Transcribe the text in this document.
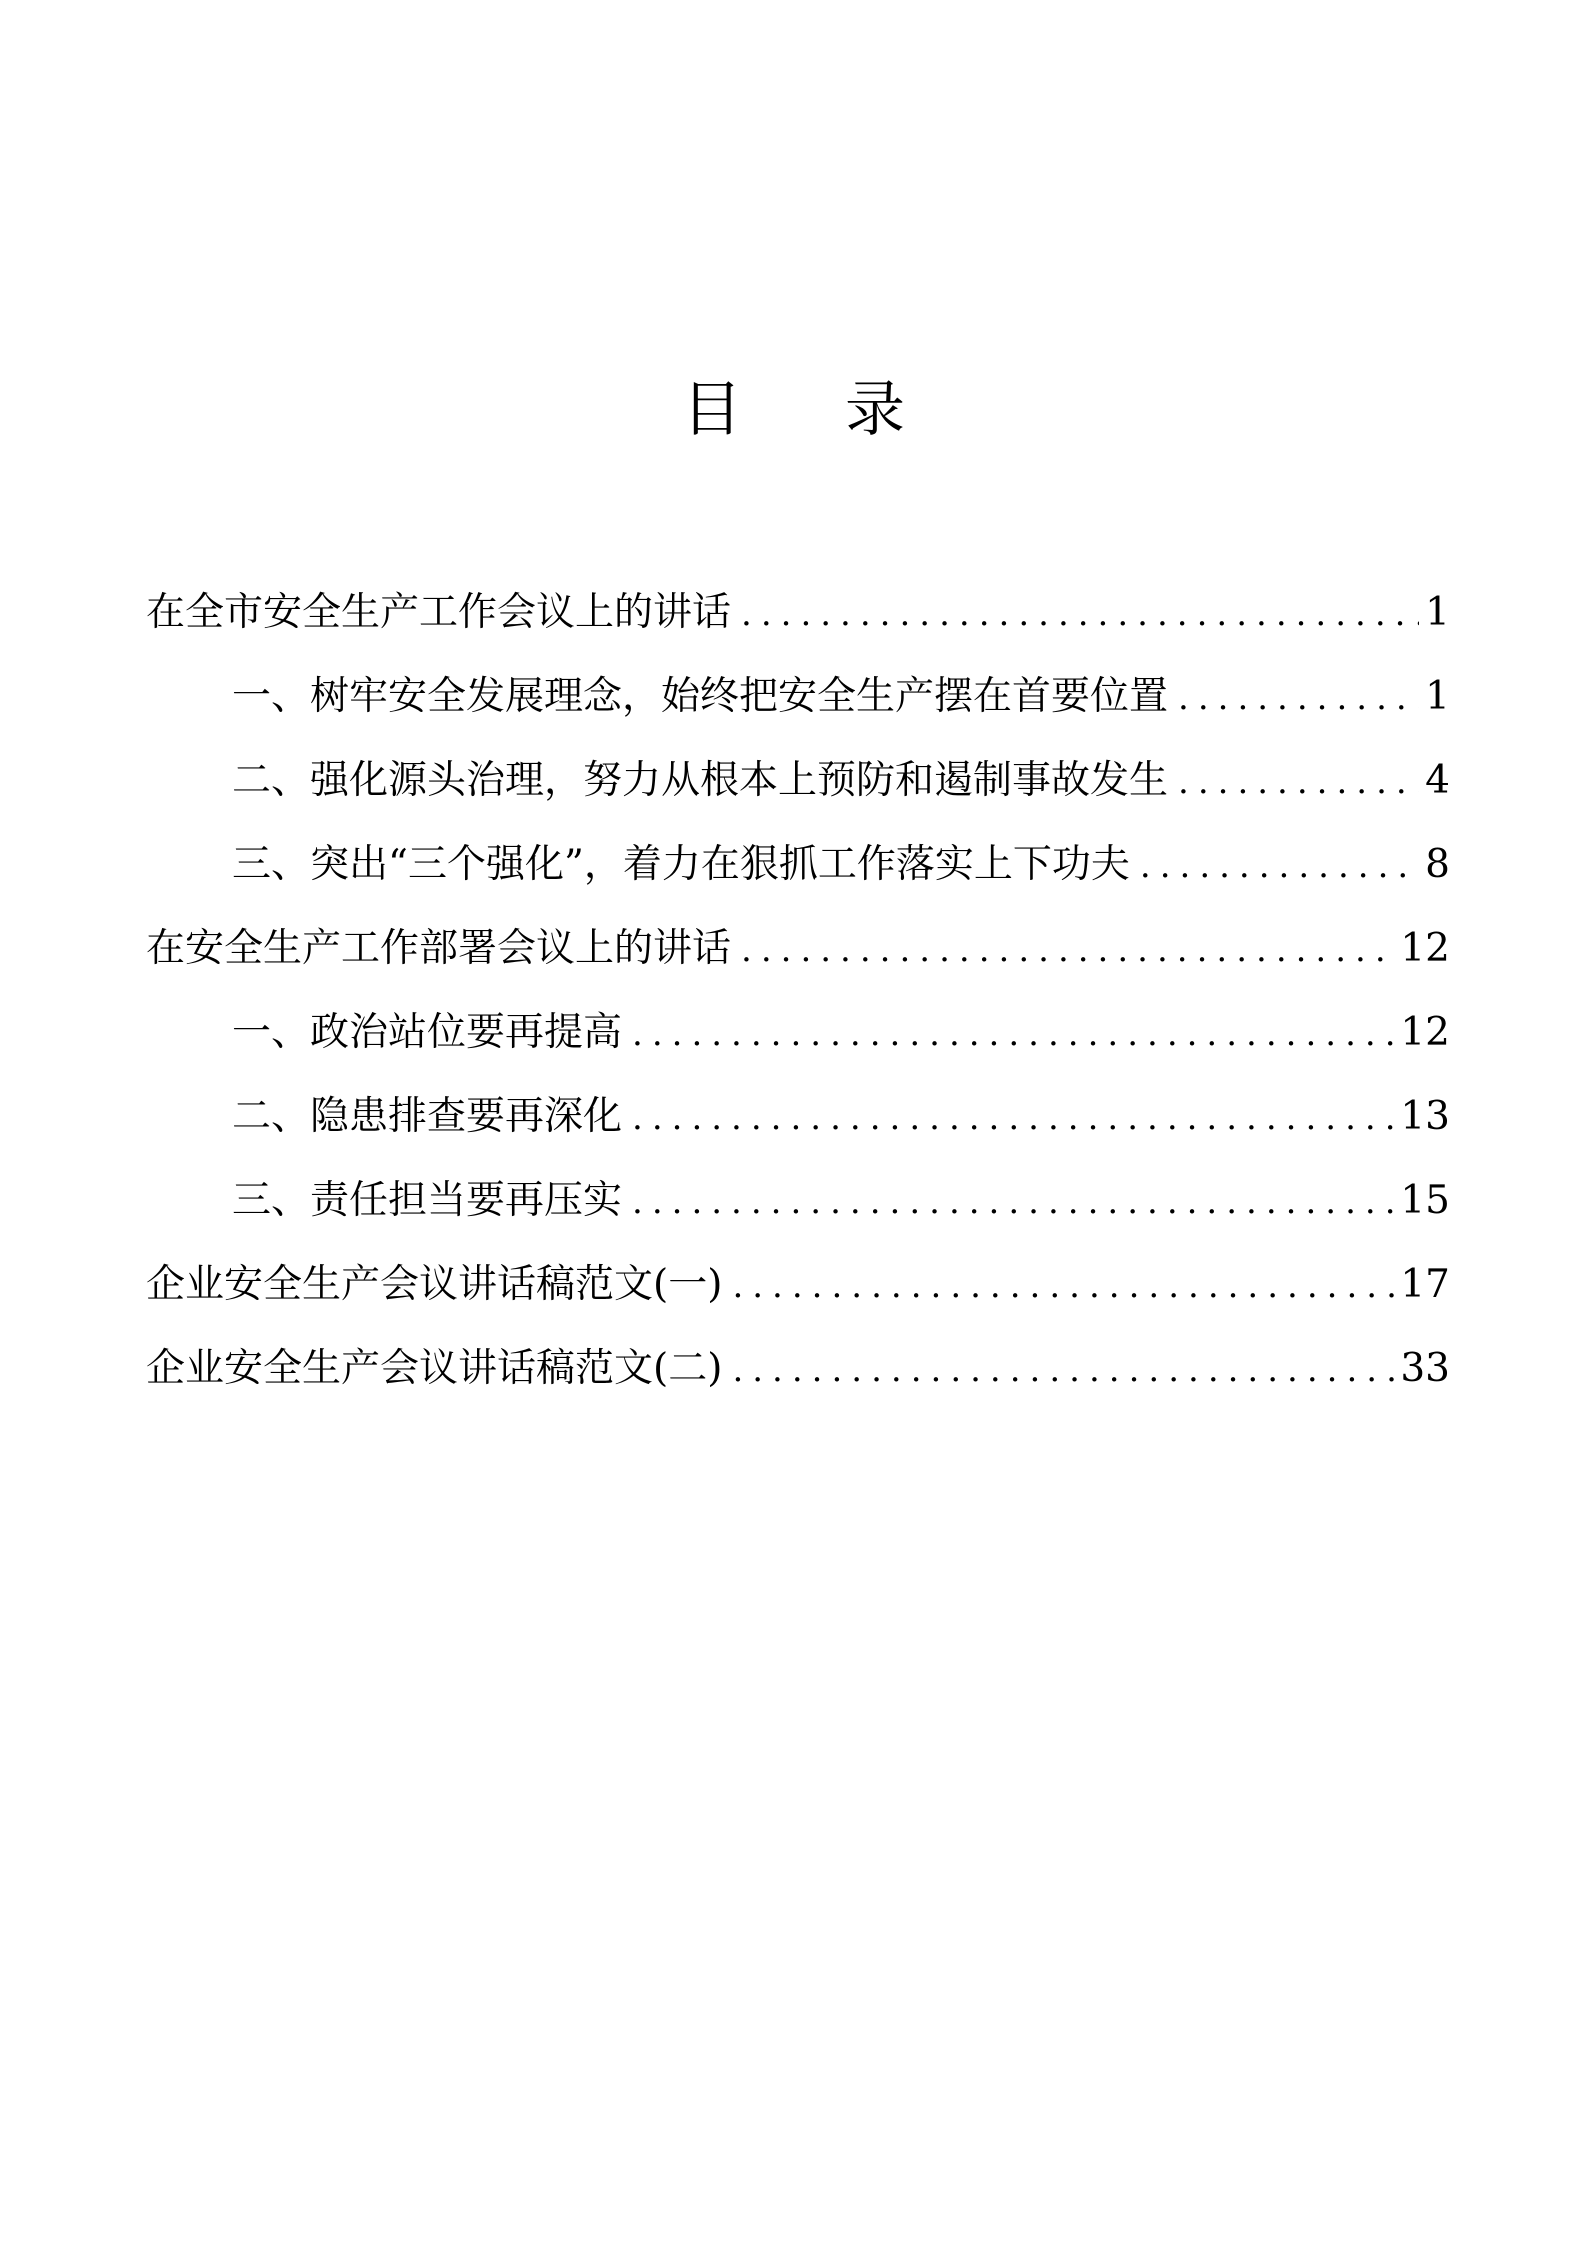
目 录
在全市安全生产工作会议上的讲话 .....	1
一、树牢安全发展理念，始终把安全生产摆在首要位置 .....	1
二、强化源头治理，努力从根本上预防和遏制事故发生 .....	4
三、突出“三个强化”，着力在狠抓工作落实上下功夫 .....	8
在安全生产工作部署会议上的讲话 .....	12
一、政治站位要再提高 .....	12
二、隐患排查要再深化 .....	13
三、责任担当要再压实 .....	15
企业安全生产会议讲话稿范文(一) .....	17
企业安全生产会议讲话稿范文(二) .....	33
